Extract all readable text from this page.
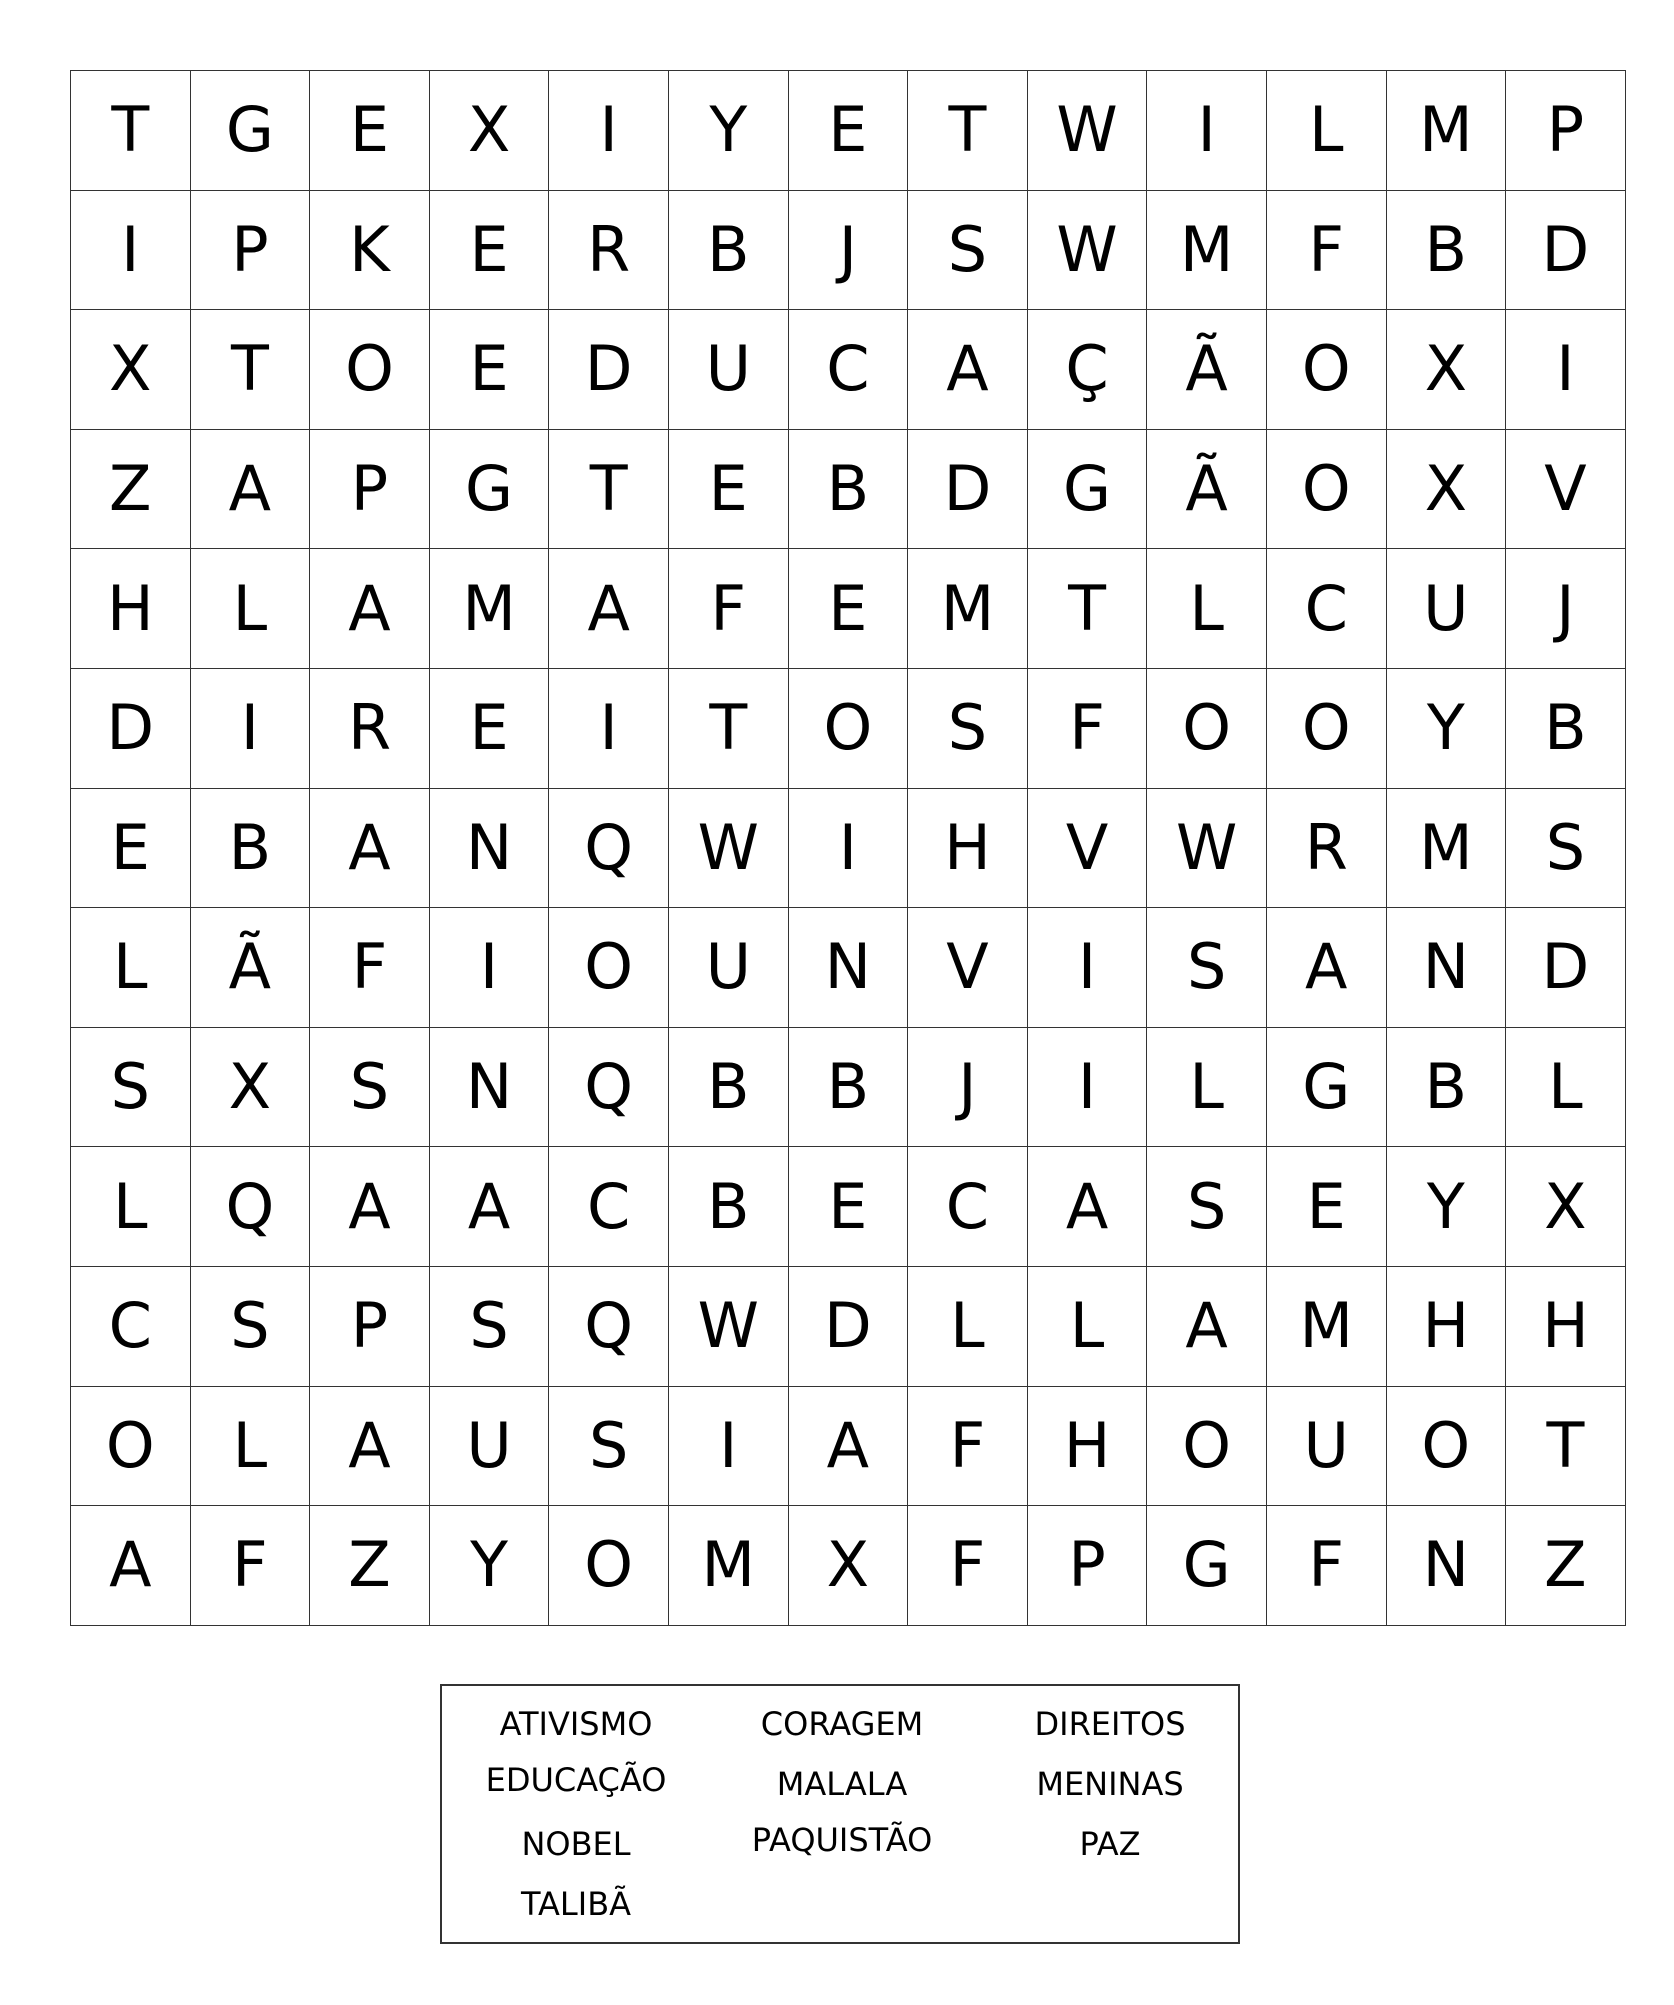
T	G	E	X	I	Y	E	T	W	I	L	M	P
I	P	K	E	R	B	J	S	W	M	F	B	D
X	T	O	E	D	U	C	A	Ç	Ã	O	X	I
Z	A	P	G	T	E	B	D	G	Ã	O	X	V
H	L	A	M	A	F	E	M	T	L	C	U	J
D	I	R	E	I	T	O	S	F	O	O	Y	B
E	B	A	N	Q	W	I	H	V	W	R	M	S
L	Ã	F	I	O	U	N	V	I	S	A	N	D
S	X	S	N	Q	B	B	J	I	L	G	B	L
L	Q	A	A	C	B	E	C	A	S	E	Y	X
C	S	P	S	Q	W	D	L	L	A	M	H	H
O	L	A	U	S	I	A	F	H	O	U	O	T
A	F	Z	Y	O	M	X	F	P	G	F	N	Z
ATIVISMO
EDUCAÇÃO
NOBEL
TALIBÃ
CORAGEM
MALALA
PAQUISTÃO
DIREITOS
MENINAS
PAZ
